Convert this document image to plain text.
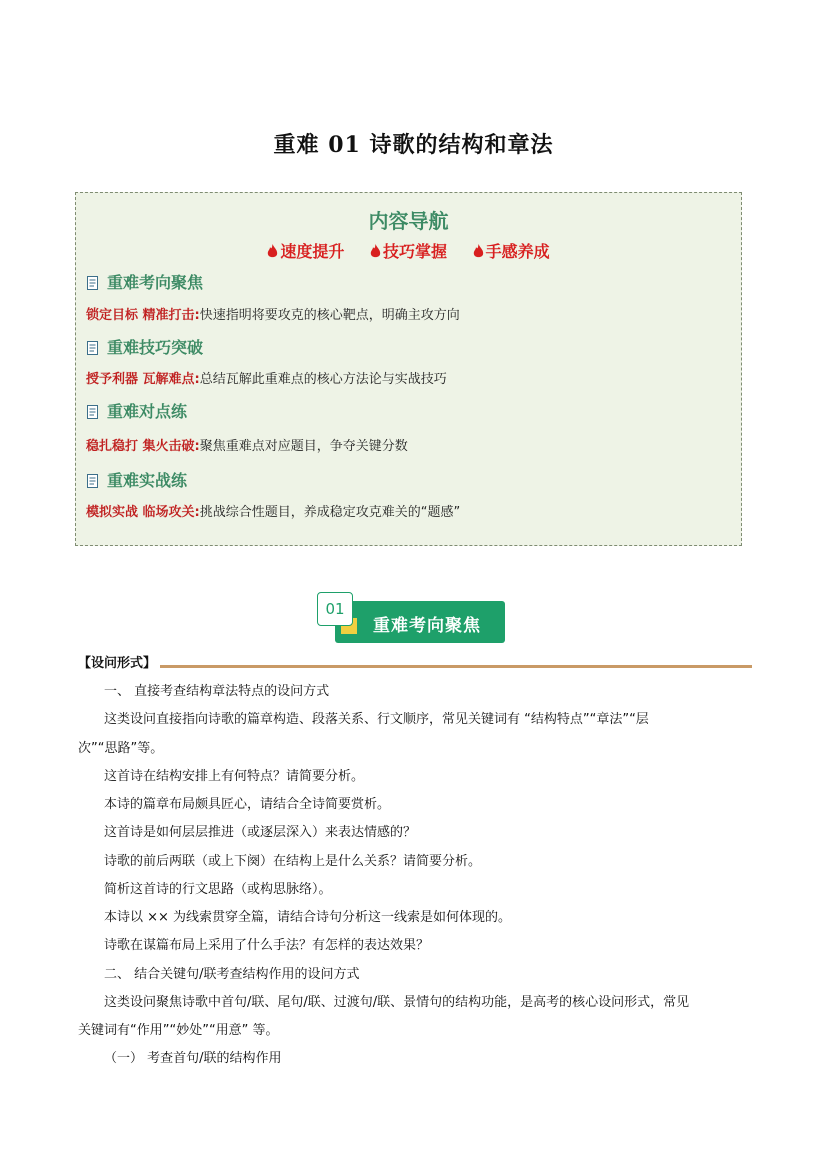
重难 01 诗歌的结构和章法
内容导航
速度提升 技巧掌握 手感养成
重难考向聚焦
锁定目标 精准打击:快速指明将要攻克的核心靶点，明确主攻方向
重难技巧突破
授予利器 瓦解难点:总结瓦解此重难点的核心方法论与实战技巧
重难对点练
稳扎稳打 集火击破:聚焦重难点对应题目，争夺关键分数
重难实战练
模拟实战 临场攻关:挑战综合性题目，养成稳定攻克难关的“题感”
01
重难考向聚焦
【设问形式】
一、 直接考查结构章法特点的设问方式
这类设问直接指向诗歌的篇章构造、段落关系、行文顺序，常见关键词有 “结构特点”“章法”“层
次”“思路”等。
这首诗在结构安排上有何特点？请简要分析。
本诗的篇章布局颇具匠心，请结合全诗简要赏析。
这首诗是如何层层推进（或逐层深入）来表达情感的？
诗歌的前后两联（或上下阕）在结构上是什么关系？请简要分析。
简析这首诗的行文思路（或构思脉络）。
本诗以 ×× 为线索贯穿全篇，请结合诗句分析这一线索是如何体现的。
诗歌在谋篇布局上采用了什么手法？有怎样的表达效果？
二、 结合关键句/联考查结构作用的设问方式
这类设问聚焦诗歌中首句/联、尾句/联、过渡句/联、景情句的结构功能，是高考的核心设问形式，常见
关键词有“作用”“妙处”“用意” 等。
（一） 考查首句/联的结构作用
